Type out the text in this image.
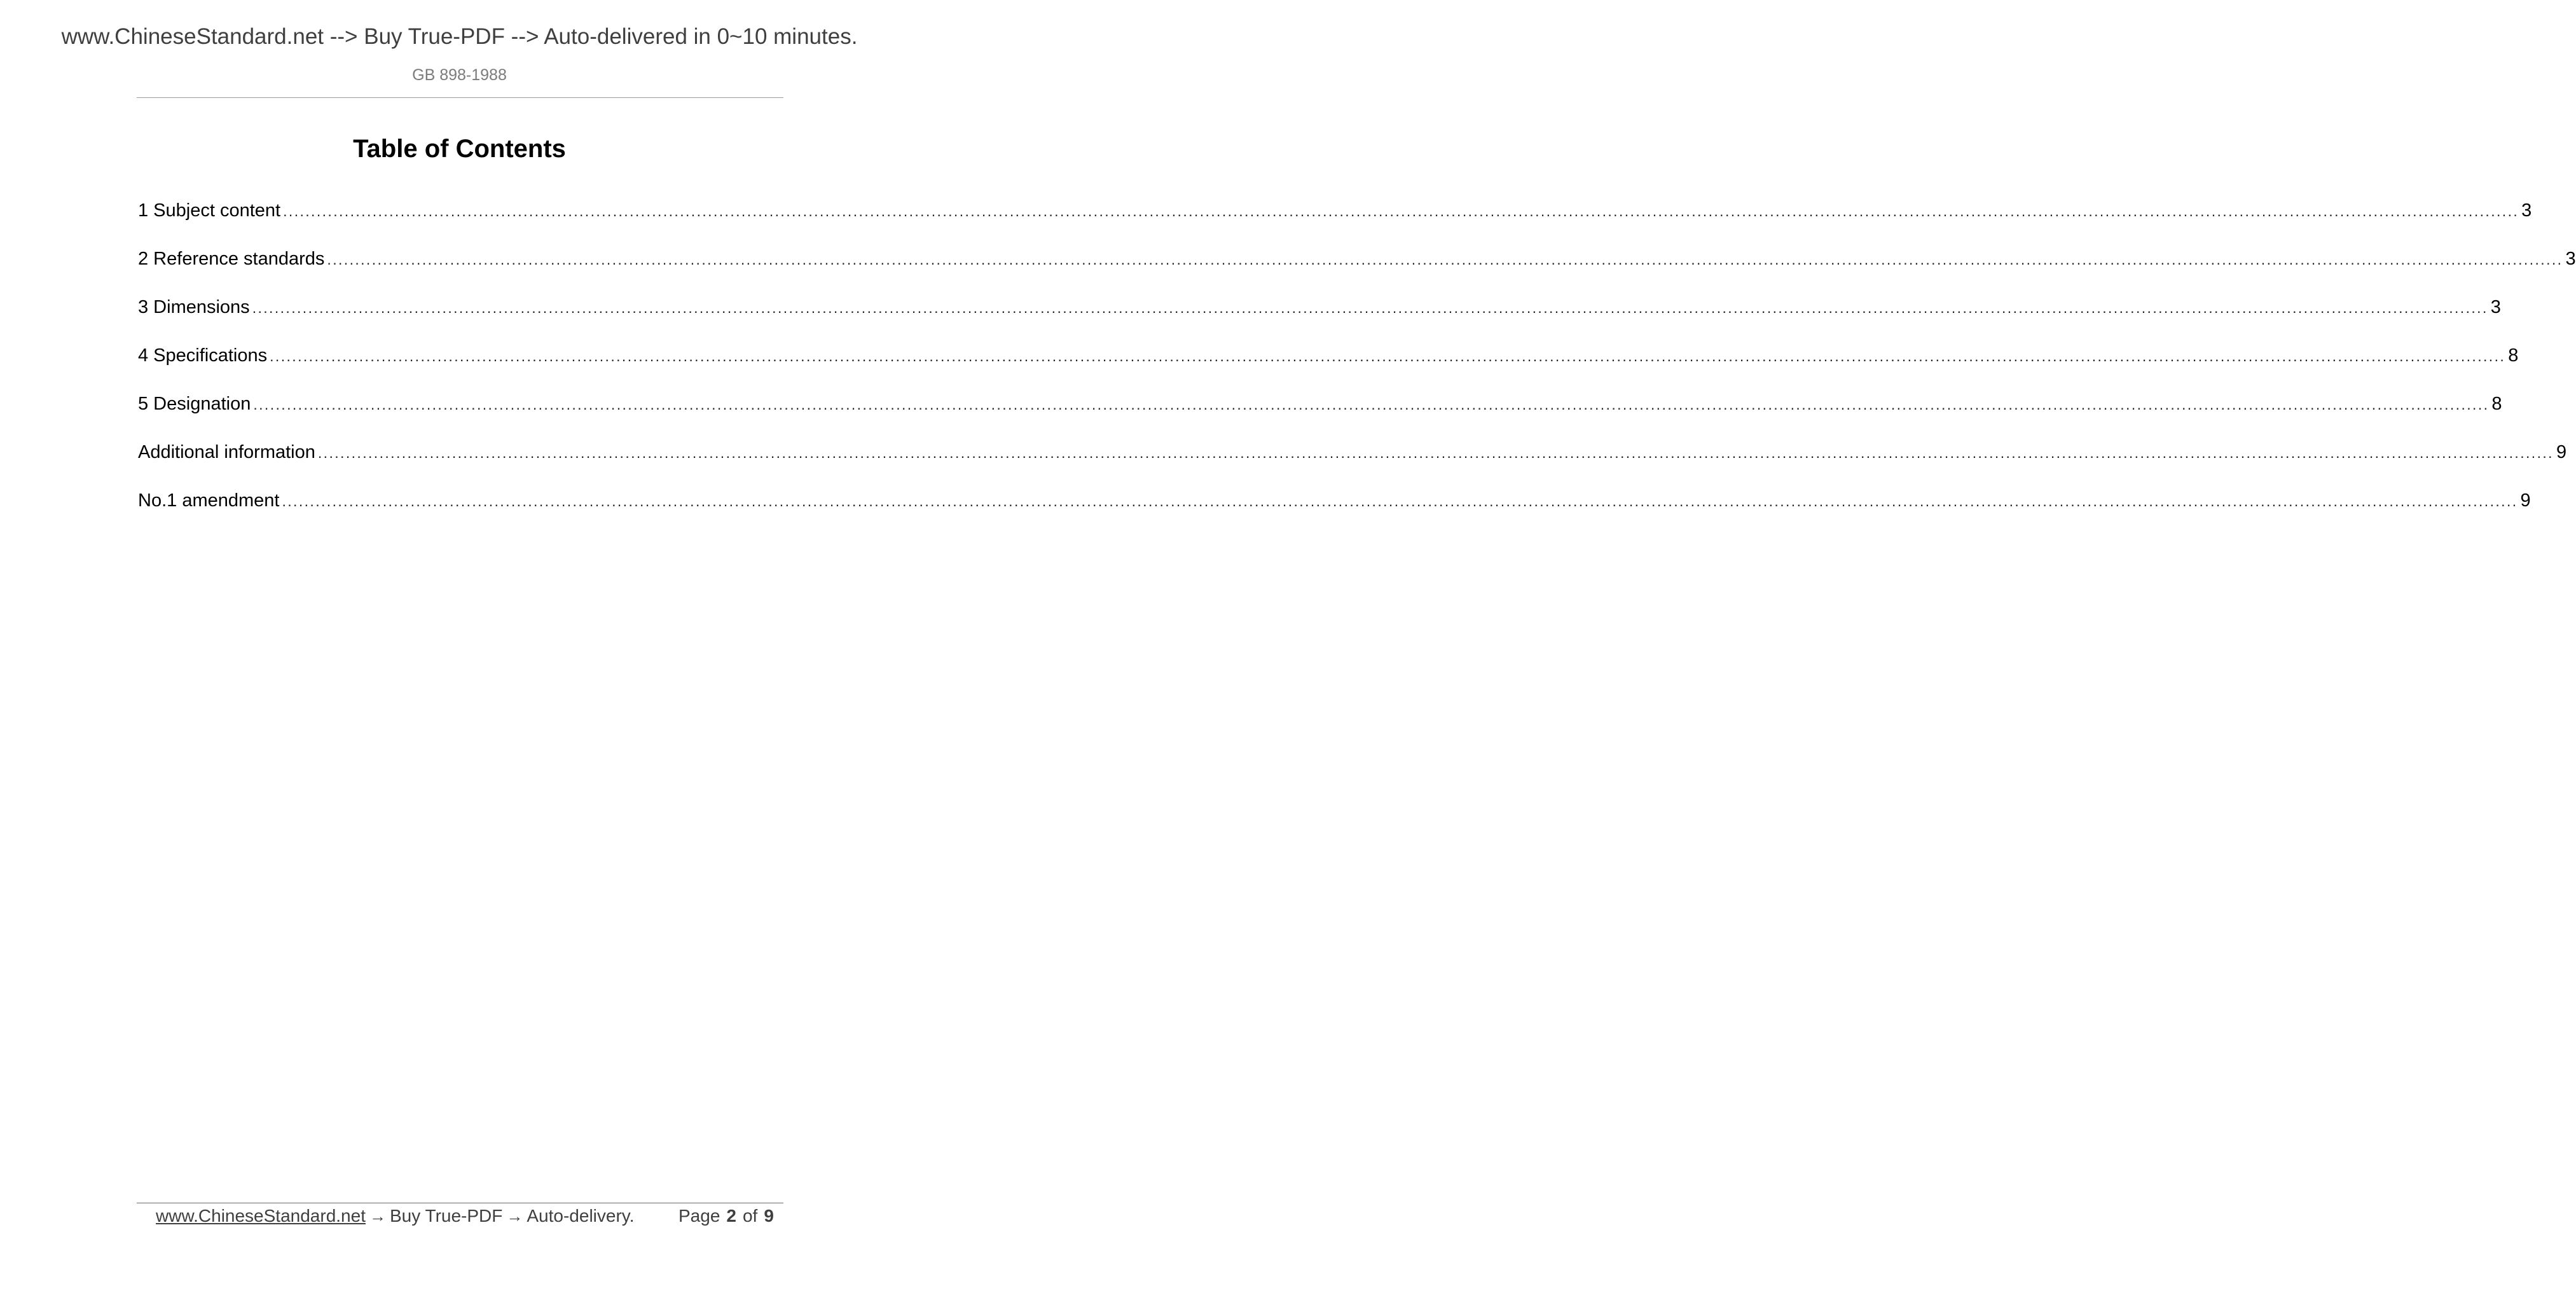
www.ChineseStandard.net --> Buy True-PDF --> Auto-delivered in 0~10 minutes.
GB 898-1988
Table of Contents
1 Subject content ................................................................................................................................................................................................................................................................................................................................................................................................................ 3
2 Reference standards ................................................................................................................................................................................................................................................................................................................................................................................................................ 3
3 Dimensions ................................................................................................................................................................................................................................................................................................................................................................................................................ 3
4 Specifications ................................................................................................................................................................................................................................................................................................................................................................................................................ 8
5 Designation ................................................................................................................................................................................................................................................................................................................................................................................................................ 8
Additional information ................................................................................................................................................................................................................................................................................................................................................................................................................ 9
No.1 amendment ................................................................................................................................................................................................................................................................................................................................................................................................................ 9
www.ChineseStandard.net → Buy True-PDF → Auto-delivery. Page 2 of 9
